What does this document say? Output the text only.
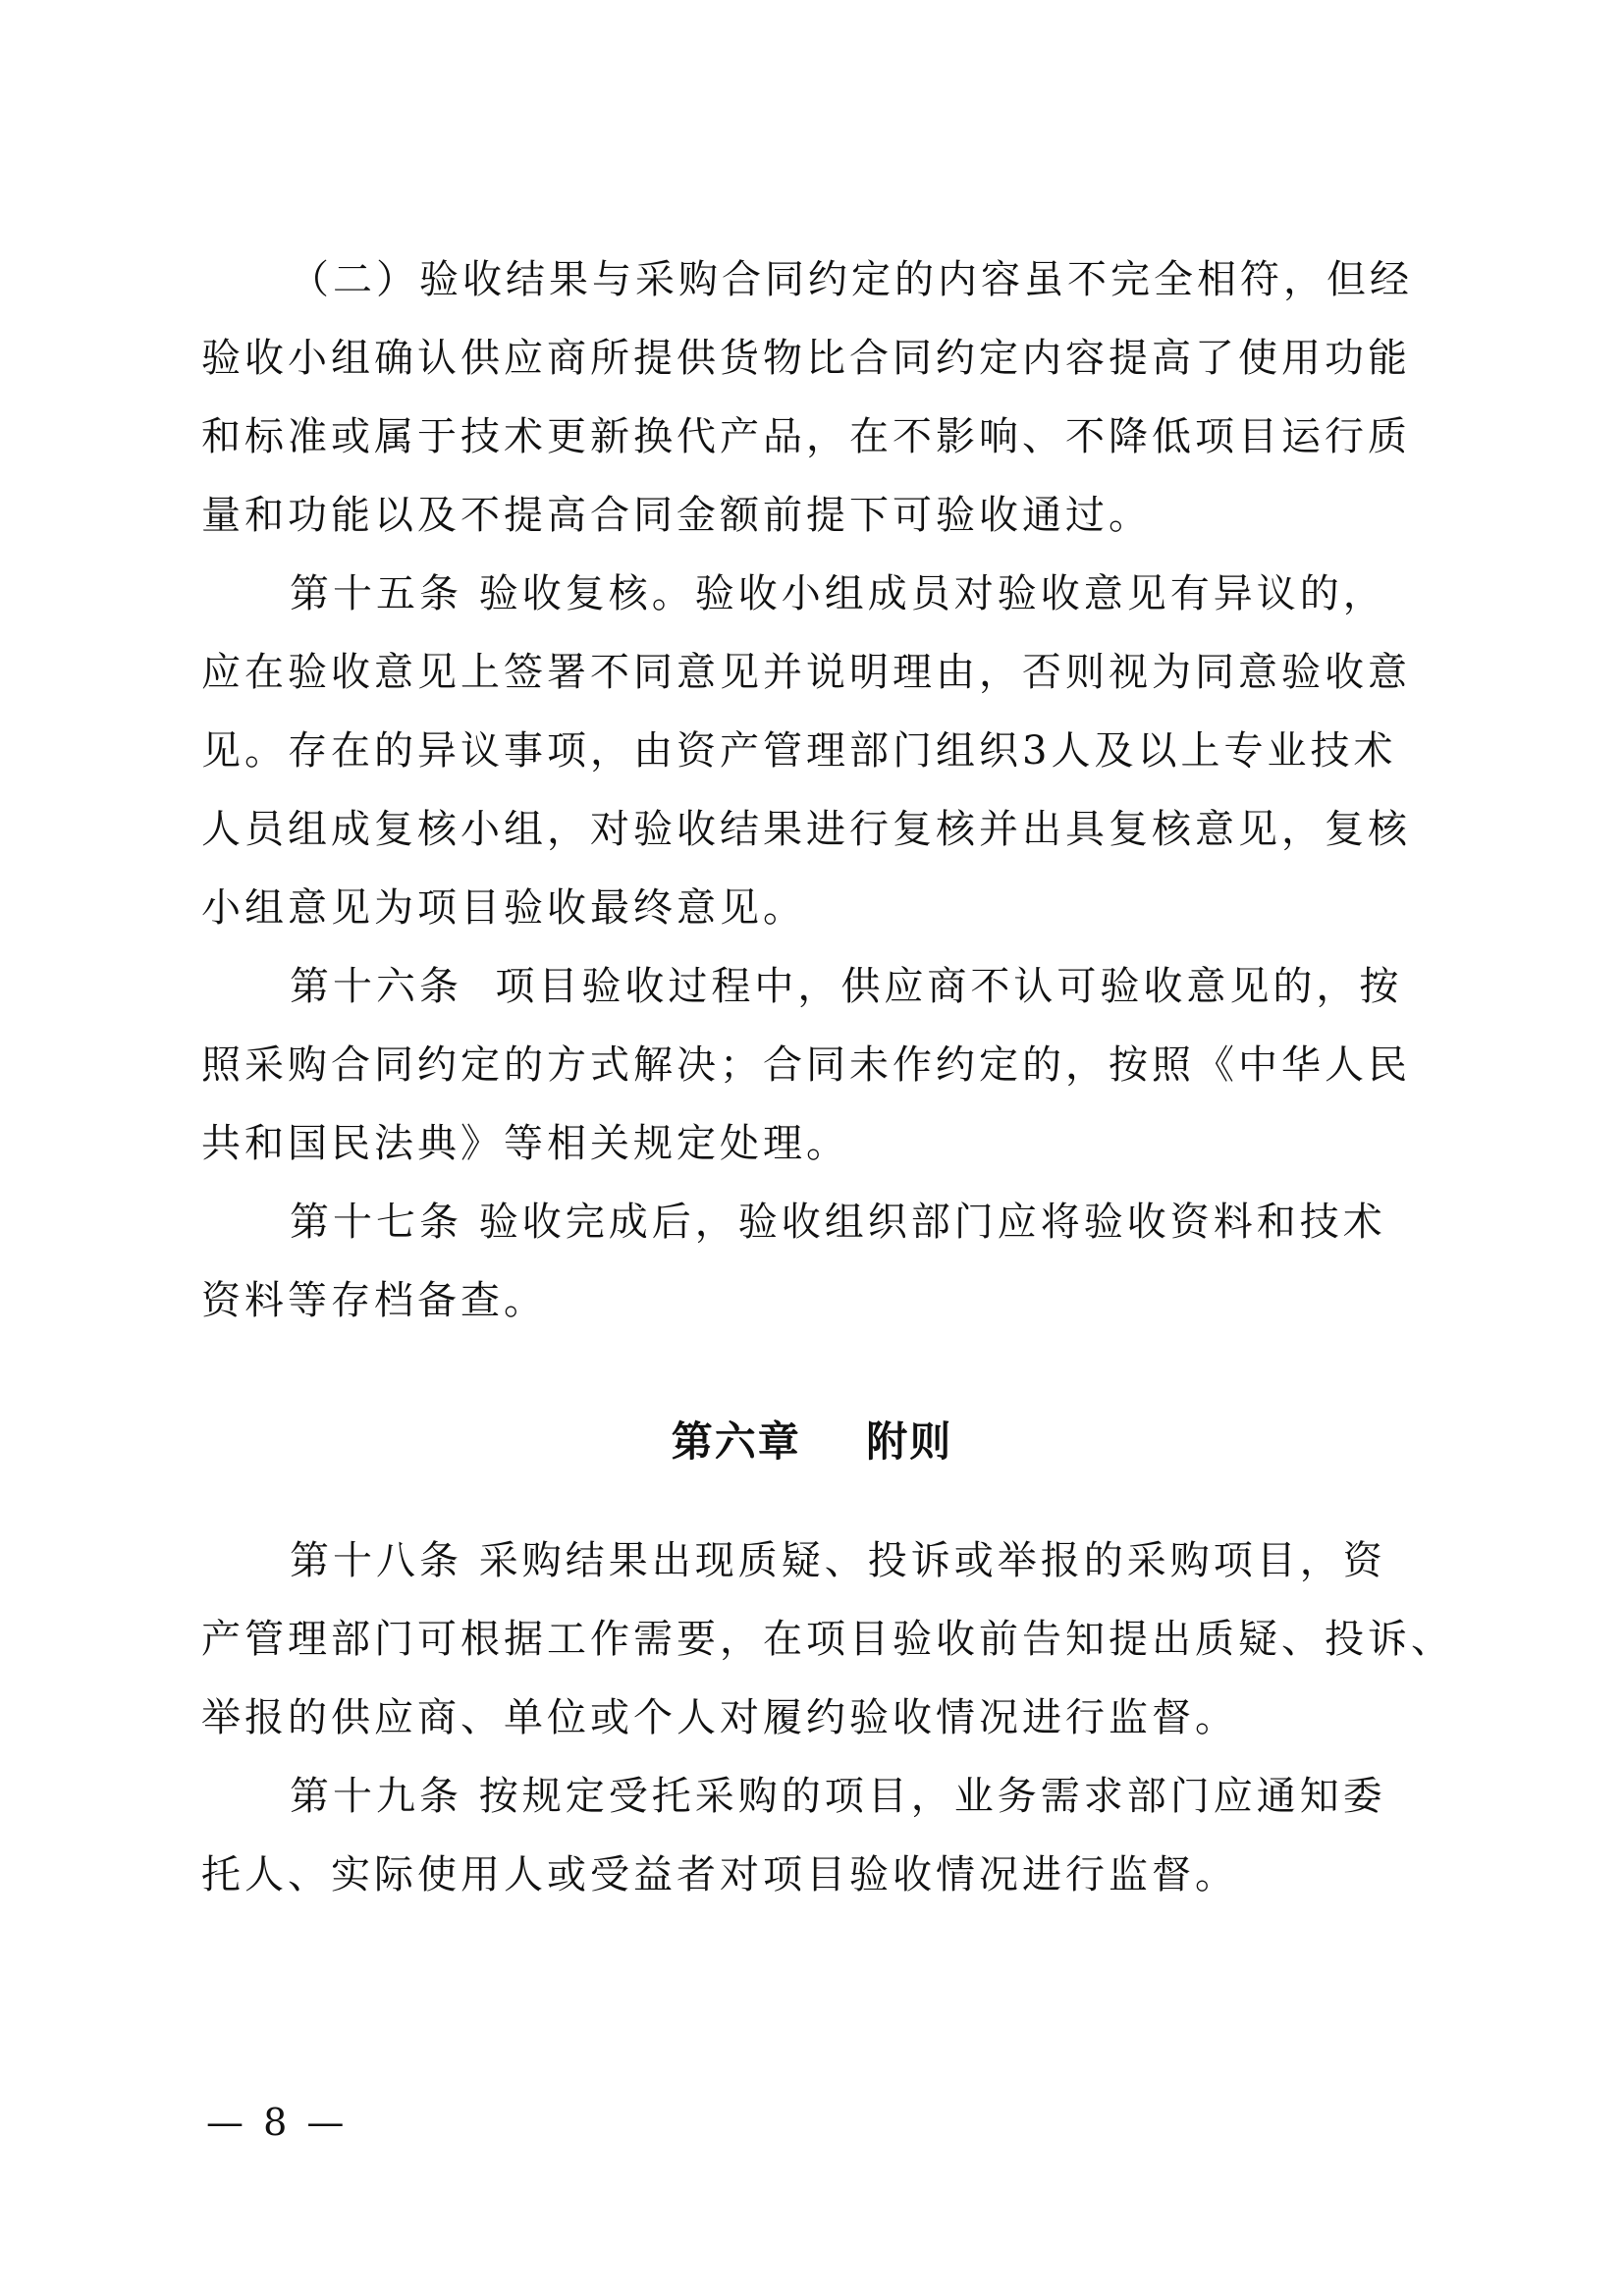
（二）验收结果与采购合同约定的内容虽不完全相符，但经
验收小组确认供应商所提供货物比合同约定内容提高了使用功能
和标准或属于技术更新换代产品，在不影响、不降低项目运行质
量和功能以及不提高合同金额前提下可验收通过。
第十五条 验收复核。验收小组成员对验收意见有异议的，
应在验收意见上签署不同意见并说明理由，否则视为同意验收意
见。存在的异议事项，由资产管理部门组织3人及以上专业技术
人员组成复核小组，对验收结果进行复核并出具复核意见，复核
小组意见为项目验收最终意见。
第十六条  项目验收过程中，供应商不认可验收意见的，按
照采购合同约定的方式解决；合同未作约定的，按照《中华人民
共和国民法典》等相关规定处理。
第十七条 验收完成后，验收组织部门应将验收资料和技术
资料等存档备查。
第六章    附则
第十八条 采购结果出现质疑、投诉或举报的采购项目，资
产管理部门可根据工作需要，在项目验收前告知提出质疑、投诉、
举报的供应商、单位或个人对履约验收情况进行监督。
第十九条 按规定受托采购的项目，业务需求部门应通知委
托人、实际使用人或受益者对项目验收情况进行监督。
— 8 —
